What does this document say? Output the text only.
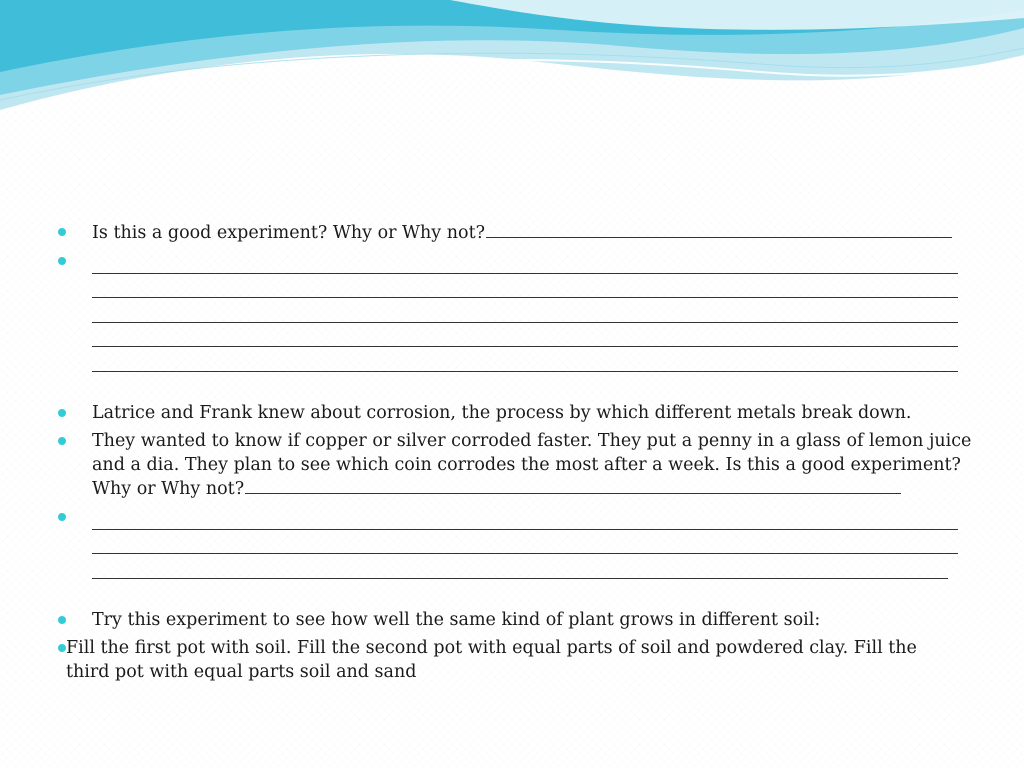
Is this a good experiment? Why or Why not?
Latrice and Frank knew about corrosion, the process by which different metals break down.
They wanted to know if copper or silver corroded faster. They put a penny in a glass of lemon juice
and a dia. They plan to see which coin corrodes the most after a week. Is this a good experiment?
Why or Why not?
Try this experiment to see how well the same kind of plant grows in different soil:
Fill the first pot with soil. Fill the second pot with equal parts of soil and powdered clay. Fill the
third pot with equal parts soil and sand
